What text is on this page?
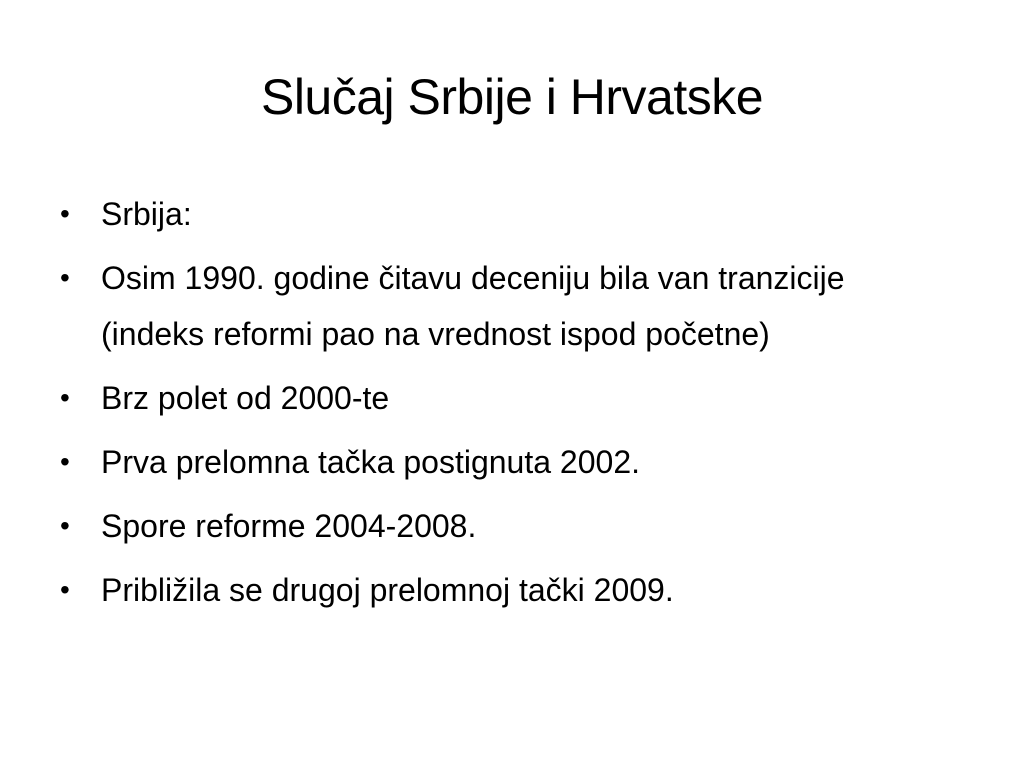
Slučaj Srbije i Hrvatske
• Srbija:
• Osim 1990. godine čitavu deceniju bila van tranzicije (indeks reformi pao na vrednost ispod početne)
• Brz polet od 2000-te
• Prva prelomna tačka postignuta 2002.
• Spore reforme 2004-2008.
• Približila se drugoj prelomnoj tački 2009.
